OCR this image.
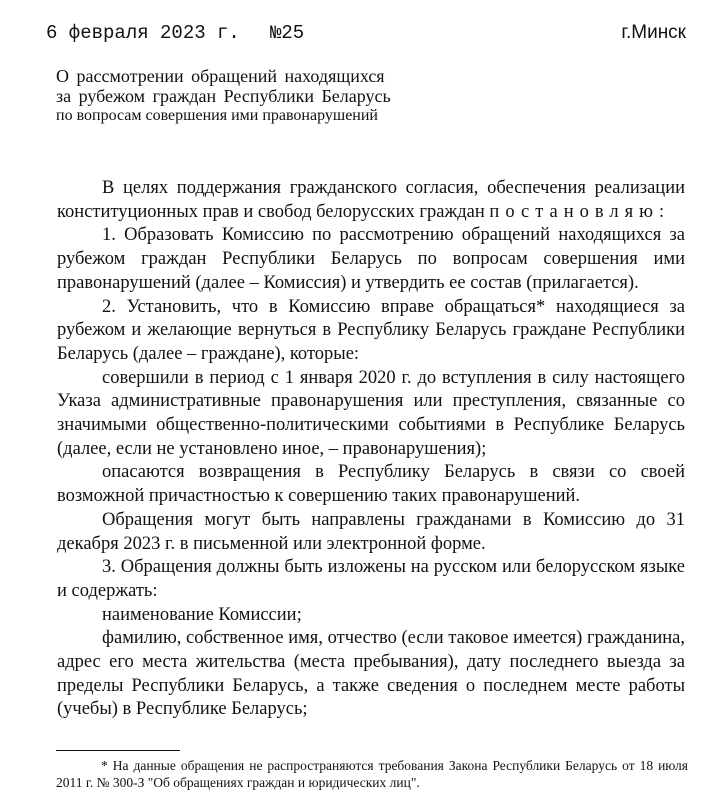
6 февраля 2023 г. №25	г.Минск
О рассмотрении обращений находящихся
за рубежом граждан Республики Беларусь
по вопросам совершения ими правонарушений

В целях поддержания гражданского согласия, обеспечения реализации конституционных прав и свобод белорусских граждан постановляю:

1. Образовать Комиссию по рассмотрению обращений находящихся за рубежом граждан Республики Беларусь по вопросам совершения ими правонарушений (далее – Комиссия) и утвердить ее состав (прилагается).

2. Установить, что в Комиссию вправе обращаться* находящиеся за рубежом и желающие вернуться в Республику Беларусь граждане Республики Беларусь (далее – граждане), которые:

совершили в период с 1 января 2020 г. до вступления в силу настоящего Указа административные правонарушения или преступления, связанные со значимыми общественно-политическими событиями в Республике Беларусь (далее, если не установлено иное, – правонарушения);

опасаются возвращения в Республику Беларусь в связи со своей возможной причастностью к совершению таких правонарушений.

Обращения могут быть направлены гражданами в Комиссию до 31 декабря 2023 г. в письменной или электронной форме.

3. Обращения должны быть изложены на русском или белорусском языке и содержать:

наименование Комиссии;

фамилию, собственное имя, отчество (если таковое имеется) гражданина, адрес его места жительства (места пребывания), дату последнего выезда за пределы Республики Беларусь, а также сведения о последнем месте работы (учебы) в Республике Беларусь;

* На данные обращения не распространяются требования Закона Республики Беларусь от 18 июля 2011 г. № 300-З "Об обращениях граждан и юридических лиц".
